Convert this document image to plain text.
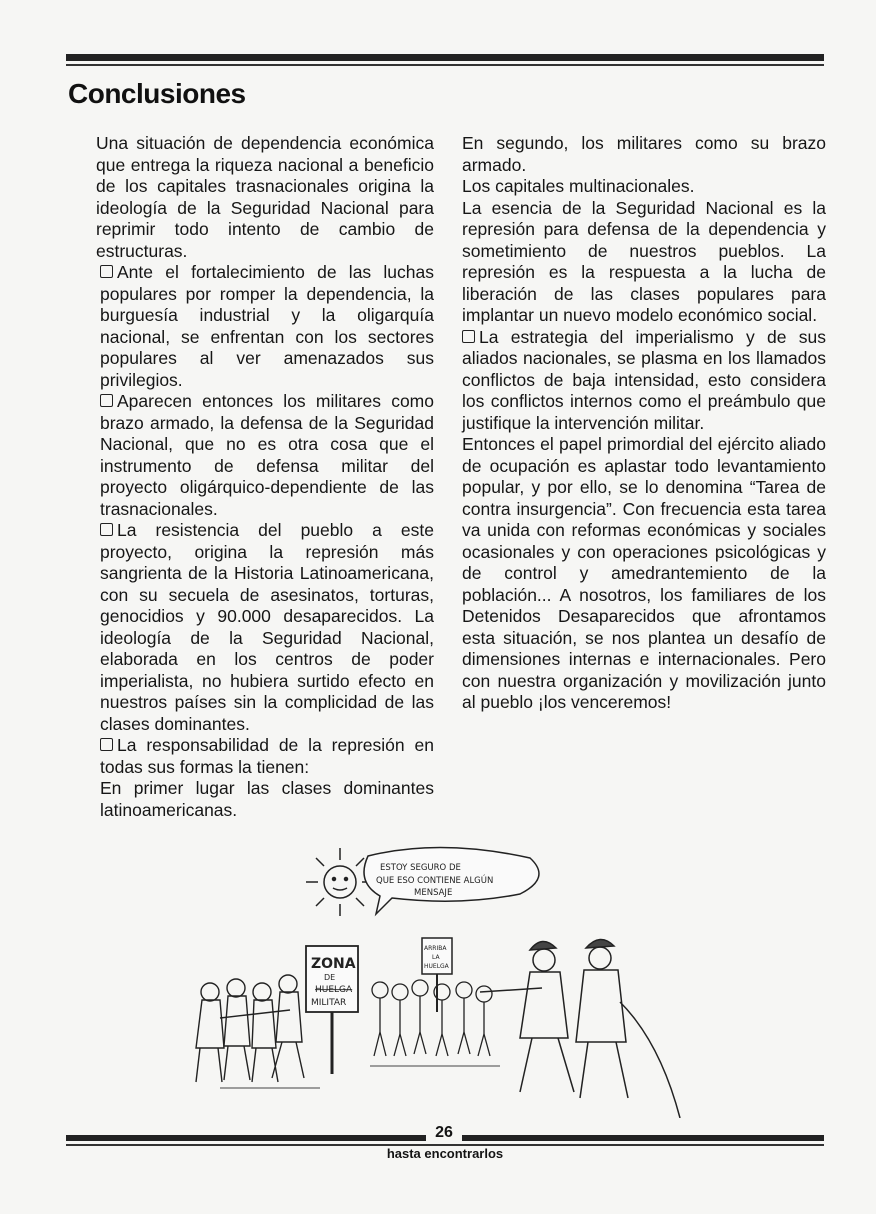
Conclusiones

Una situación de dependencia económica que entrega la riqueza nacional a beneficio de los capitales trasnacionales origina la ideología de la Seguridad Nacional para reprimir todo intento de cambio de estructuras.

Ante el fortalecimiento de las luchas populares por romper la dependencia, la burguesía industrial y la oligarquía nacional, se enfrentan con los sectores populares al ver amenazados sus privilegios.

Aparecen entonces los militares como brazo armado, la defensa de la Seguridad Nacional, que no es otra cosa que el instrumento de defensa militar del proyecto oligárquico-dependiente de las trasnacionales.

La resistencia del pueblo a este proyecto, origina la represión más sangrienta de la Historia Latinoamericana, con su secuela de asesinatos, torturas, genocidios y 90.000 desaparecidos. La ideología de la Seguridad Nacional, elaborada en los centros de poder imperialista, no hubiera surtido efecto en nuestros países sin la complicidad de las clases dominantes.

La responsabilidad de la represión en todas sus formas la tienen:

En primer lugar las clases dominantes latinoamericanas.

En segundo, los militares como su brazo armado.

Los capitales multinacionales.

La esencia de la Seguridad Nacional es la represión para defensa de la dependencia y sometimiento de nuestros pueblos. La represión es la respuesta a la lucha de liberación de las clases populares para implantar un nuevo modelo económico social.

La estrategia del imperialismo y de sus aliados nacionales, se plasma en los llamados conflictos de baja intensidad, esto considera los conflictos internos como el preámbulo que justifique la intervención militar.

Entonces el papel primordial del ejército aliado de ocupación es aplastar todo levantamiento popular, y por ello, se lo denomina “Tarea de contra insurgencia”. Con frecuencia esta tarea va unida con reformas económicas y sociales ocasionales y con operaciones psicológicas y de control y amedrantemiento de la población... A nosotros, los familiares de los Detenidos Desaparecidos que afrontamos esta situación, se nos plantea un desafío de dimensiones internas e internacionales. Pero con nuestra organización y movilización junto al pueblo ¡los venceremos!

ESTOY SEGURO DE
QUE ESO CONTIENE ALGÚN
MENSAJE
ZONA
DE
HUELGA
MILITAR
ARRIBA
LA
HUELGA
26
hasta encontrarlos
